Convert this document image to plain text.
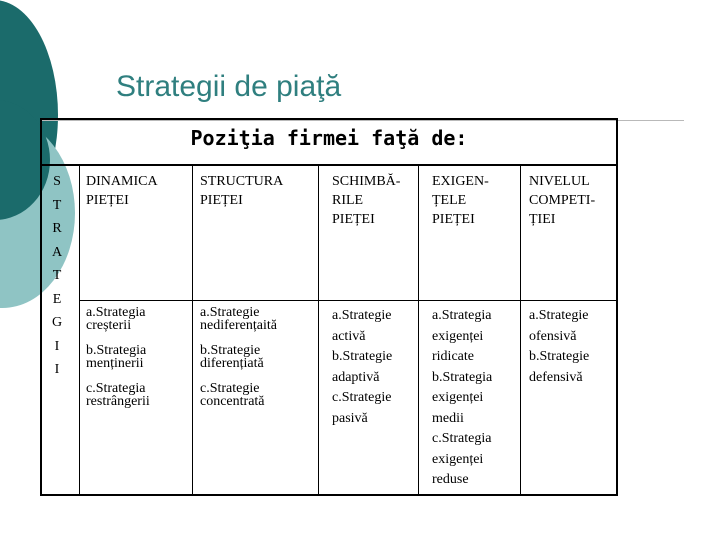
Strategii de piaţă
Poziţia firmei faţă de:
S
T
R
A
T
E
G
I
I
DINAMICA
PIEȚEI
STRUCTURA
PIEȚEI
SCHIMBĂ-
RILE
PIEȚEI
EXIGEN-
ȚELE
PIEȚEI
NIVELUL
COMPETI-
ȚIEI

a.Strategia creșterii

b.Strategia menținerii

c.Strategia restrângerii

a.Strategie nediferențaită

b.Strategie diferențiată

c.Strategie concentrată

a.Strategie activă

b.Strategie adaptivă

c.Strategie pasivă

a.Strategia exigenței ridicate

b.Strategia exigenței medii

c.Strategia exigenței reduse

a.Strategie ofensivă

b.Strategie defensivă
